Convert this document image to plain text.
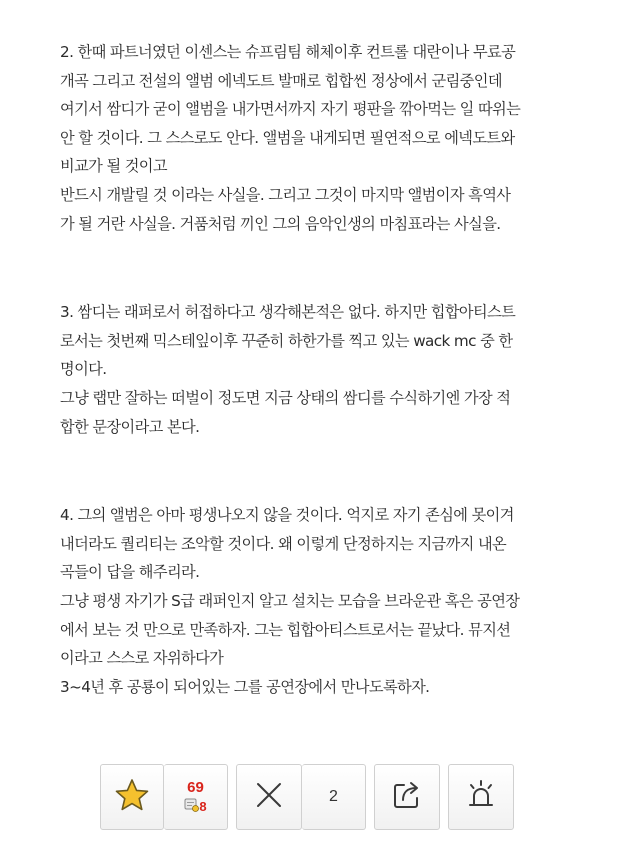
2. 한때 파트너였던 이센스는 슈프림팀 해체이후 컨트롤 대란이나 무료공
개곡 그리고 전설의 앨범 에넥도트 발매로 힙합씬 정상에서 군림중인데
여기서 쌈디가 굳이 앨범을 내가면서까지 자기 평판을 깎아먹는 일 따위는
안 할 것이다. 그 스스로도 안다. 앨범을 내게되면 필연적으로 에넥도트와
비교가 될 것이고
반드시 개발릴 것 이라는 사실을. 그리고 그것이 마지막 앨범이자 흑역사
가 될 거란 사실을. 거품처럼 끼인 그의 음악인생의 마침표라는 사실을.
3. 쌈디는 래퍼로서 허접하다고 생각해본적은 없다. 하지만 힙합아티스트
로서는 첫번째 믹스테잎이후 꾸준히 하한가를 찍고 있는 wack mc 중 한
명이다.
그냥 랩만 잘하는 떠벌이 정도면 지금 상태의 쌈디를 수식하기엔 가장 적
합한 문장이라고 본다.
4. 그의 앨범은 아마 평생나오지 않을 것이다. 억지로 자기 존심에 못이겨
내더라도 퀄리티는 조악할 것이다. 왜 이렇게 단정하지는 지금까지 내온
곡들이 답을 해주리라.
그냥 평생 자기가 S급 래퍼인지 알고 설치는 모습을 브라운관 혹은 공연장
에서 보는 것 만으로 만족하자. 그는 힙합아티스트로서는 끝났다. 뮤지션
이라고 스스로 자위하다가
3~4년 후 공룡이 되어있는 그를 공연장에서 만나도록하자.
69
8
2
